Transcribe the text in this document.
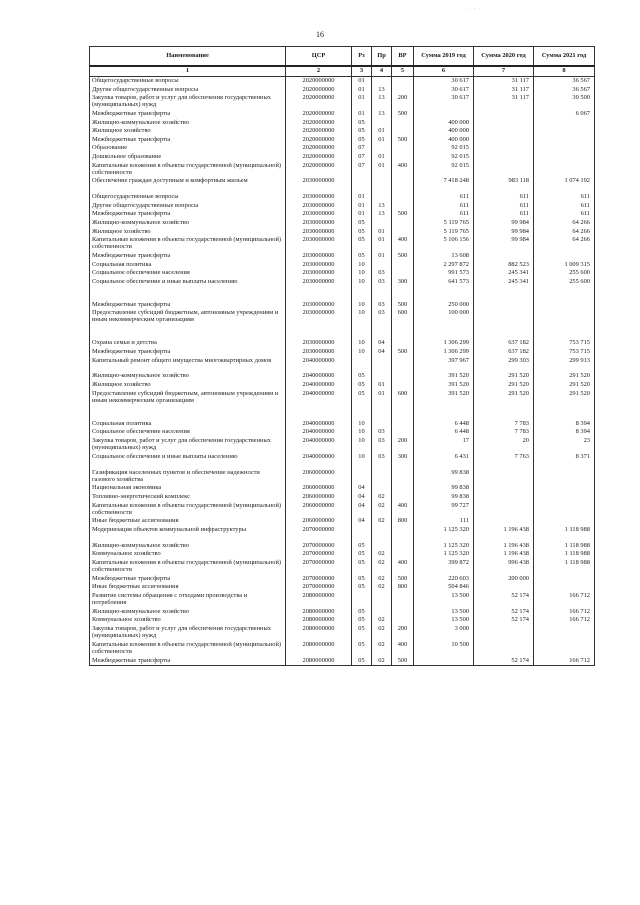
· · ·
16
Наименование	ЦСР	Рз	Пр	ВР	Сумма 2019 год	Сумма 2020 год	Сумма 2021 год
1	2	3	4	5	6	7	8
Общегосударственные вопросы	2020000000	01			30 617	31 117	36 567
Другие общегосударственные вопросы	2020000000	01	13		30 617	31 117	36 567
Закупка товаров, работ и услуг для обеспечения государственных (муниципальных) нужд	2020000000	01	13	200	30 617	31 117	30 500
Межбюджетные трансферты	2020000000	01	13	500			6 067
Жилищно-коммунальное хозяйство	2020000000	05			400 000		
Жилищное хозяйство	2020000000	05	01		400 000		
Межбюджетные трансферты	2020000000	05	01	500	400 000		
Образование	2020000000	07			92 015		
Дошкольное образование	2020000000	07	01		92 015		
Капитальные вложения в объекты государственной (муниципальной) собственности	2020000000	07	01	400	92 015		
Обеспечение граждан доступным и комфортным жильем	2030000000				7 418 248	983 118	1 074 192
Общегосударственные вопросы	2030000000	01			611	611	611
Другие общегосударственные вопросы	2030000000	01	13		611	611	611
Межбюджетные трансферты	2030000000	01	13	500	611	611	611
Жилищно-коммунальное хозяйство	2030000000	05			5 119 765	99 984	64 266
Жилищное хозяйство	2030000000	05	01		5 119 765	99 984	64 266
Капитальные вложения в объекты государственной (муниципальной) собственности	2030000000	05	01	400	5 106 156	99 984	64 266
Межбюджетные трансферты	2030000000	05	01	500	13 608		
Социальная политика	2030000000	10			2 297 872	882 523	1 009 315
Социальное обеспечение населения	2030000000	10	03		991 573	245 341	255 600
Социальное обеспечение и иные выплаты населению	2030000000	10	03	300	641 573	245 341	255 600
Межбюджетные трансферты	2030000000	10	03	500	250 000		
Предоставление субсидий бюджетным, автономным учреждениям и иным некоммерческим организациям	2030000000	10	03	600	100 000		
Охрана семьи и детства	2030000000	10	04		1 306 299	637 182	753 715
Межбюджетные трансферты	2030000000	10	04	500	1 306 299	637 182	753 715
Капитальный ремонт общего имущества многоквартирных домов	2040000000				397 967	299 303	299 913
Жилищно-коммунальное хозяйство	2040000000	05			391 520	291 520	291 520
Жилищное хозяйство	2040000000	05	01		391 520	291 520	291 520
Предоставление субсидий бюджетным, автономным учреждениям и иным некоммерческим организациям	2040000000	05	01	600	391 520	291 520	291 520
Социальная политика	2040000000	10			6 448	7 783	8 394
Социальное обеспечение населения	2040000000	10	03		6 448	7 783	8 394
Закупка товаров, работ и услуг для обеспечения государственных (муниципальных) нужд	2040000000	10	03	200	17	20	23
Социальное обеспечение и иные выплаты населению	2040000000	10	03	300	6 431	7 763	8 371
Газификация населенных пунктов и обеспечение надежности газового хозяйства	2060000000				99 838		
Национальная экономика	2060000000	04			99 838		
Топливно-энергетический комплекс	2060000000	04	02		99 838		
Капитальные вложения в объекты государственной (муниципальной) собственности	2060000000	04	02	400	99 727		
Иные бюджетные ассигнования	2060000000	04	02	800	111		
Модернизация объектов коммунальной инфраструктуры	2070000000				1 125 320	1 196 438	1 118 988
Жилищно-коммунальное хозяйство	2070000000	05			1 125 320	1 196 438	1 118 988
Коммунальное хозяйство	2070000000	05	02		1 125 320	1 196 438	1 118 988
Капитальные вложения в объекты государственной (муниципальной) собственности	2070000000	05	02	400	399 872	996 438	1 118 988
Межбюджетные трансферты	2070000000	05	02	500	220 603	200 000	
Иные бюджетные ассигнования	2070000000	05	02	800	504 846		
Развитие системы обращения с отходами производства и потребления	2080000000				13 500	52 174	166 712
Жилищно-коммунальное хозяйство	2080000000	05			13 500	52 174	166 712
Коммунальное хозяйство	2080000000	05	02		13 500	52 174	166 712
Закупка товаров, работ и услуг для обеспечения государственных (муниципальных) нужд	2080000000	05	02	200	3 000		
Капитальные вложения в объекты государственной (муниципальной) собственности	2080000000	05	02	400	10 500		
Межбюджетные трансферты	2080000000	05	02	500		52 174	166 712
